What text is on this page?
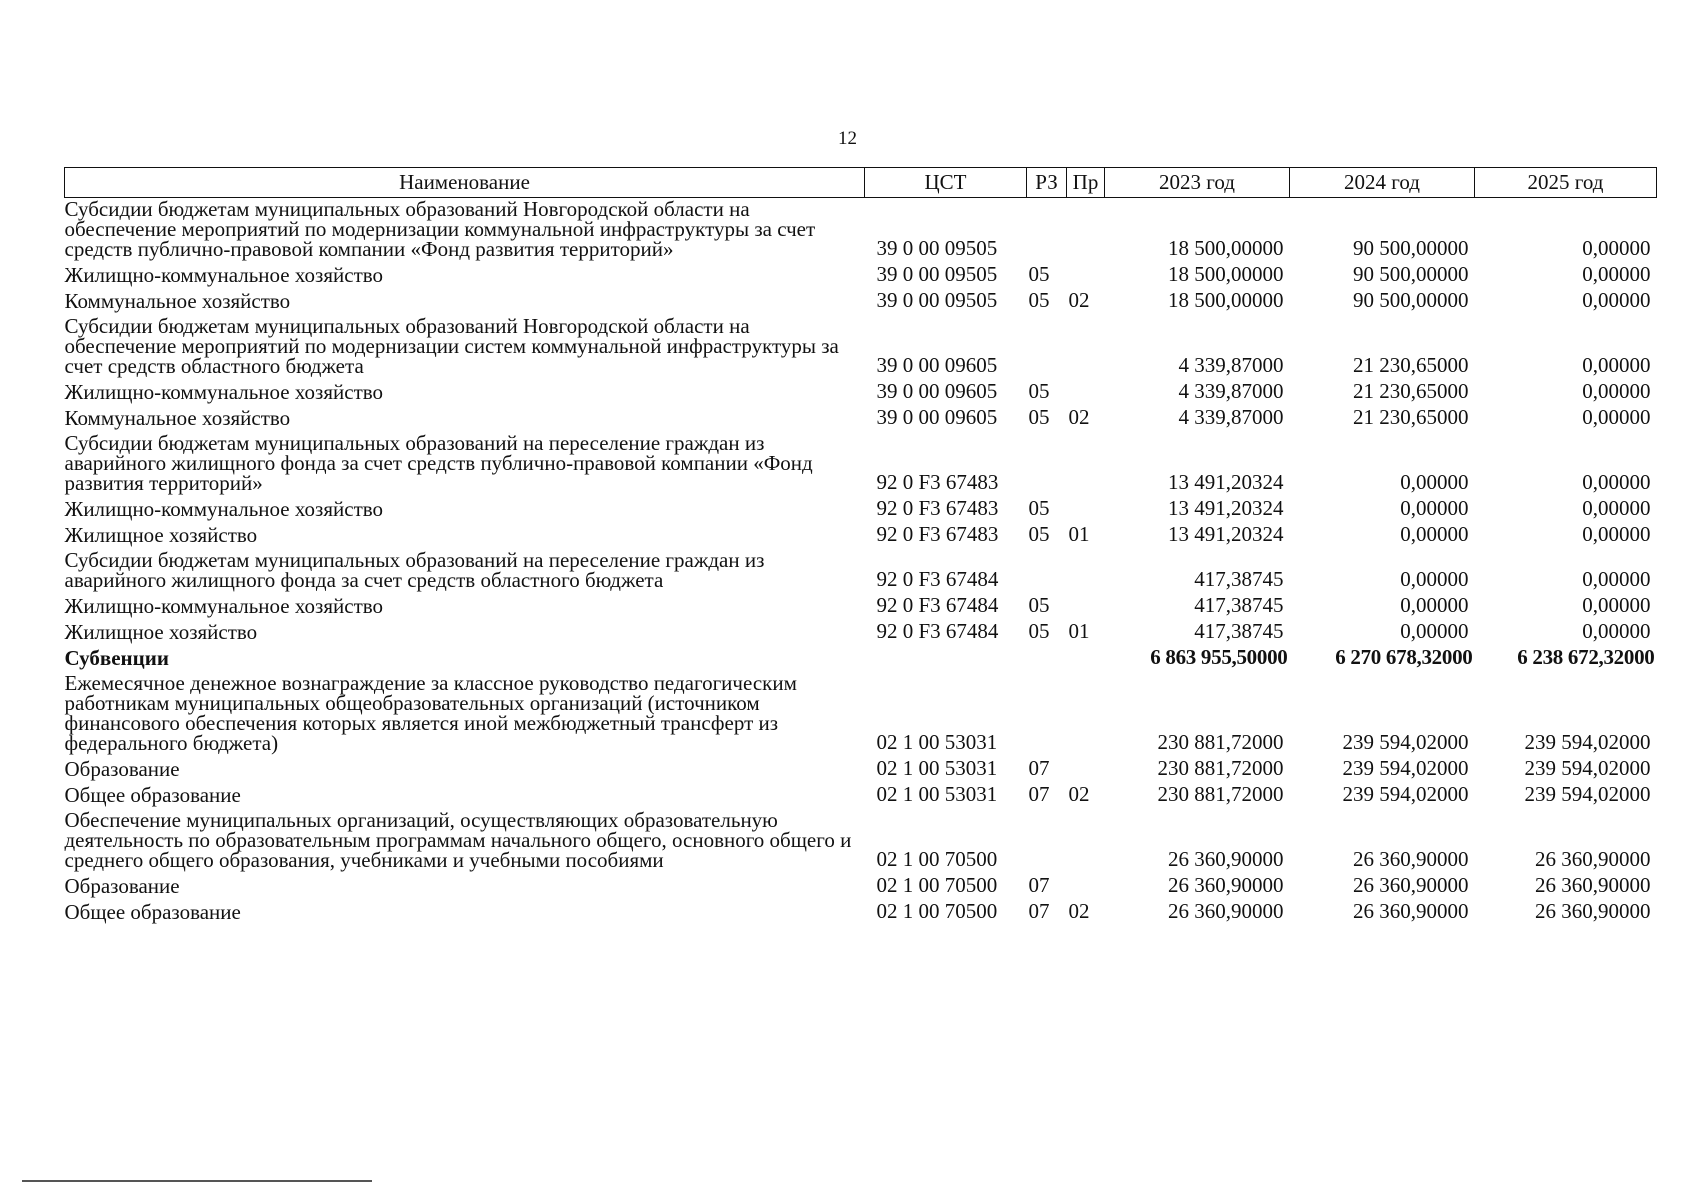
12
Наименование	ЦСТ	РЗ	Пр	2023 год	2024 год	2025 год
Субсидии бюджетам муниципальных образований Новгородской области на обеспечение мероприятий по модернизации коммунальной инфраструктуры за счет средств публично-правовой компании «Фонд развития территорий»	39 0 00 09505			18 500,00000	90 500,00000	0,00000
Жилищно-коммунальное хозяйство	39 0 00 09505	05		18 500,00000	90 500,00000	0,00000
Коммунальное хозяйство	39 0 00 09505	05	02	18 500,00000	90 500,00000	0,00000
Субсидии бюджетам муниципальных образований Новгородской области на обеспечение мероприятий по модернизации систем коммунальной инфраструктуры за счет средств областного бюджета	39 0 00 09605			4 339,87000	21 230,65000	0,00000
Жилищно-коммунальное хозяйство	39 0 00 09605	05		4 339,87000	21 230,65000	0,00000
Коммунальное хозяйство	39 0 00 09605	05	02	4 339,87000	21 230,65000	0,00000
Субсидии бюджетам муниципальных образований на переселение граждан из аварийного жилищного фонда за счет средств публично-правовой компании «Фонд развития территорий»	92 0 F3 67483			13 491,20324	0,00000	0,00000
Жилищно-коммунальное хозяйство	92 0 F3 67483	05		13 491,20324	0,00000	0,00000
Жилищное хозяйство	92 0 F3 67483	05	01	13 491,20324	0,00000	0,00000
Субсидии бюджетам муниципальных образований на переселение граждан из аварийного жилищного фонда за счет средств областного бюджета	92 0 F3 67484			417,38745	0,00000	0,00000
Жилищно-коммунальное хозяйство	92 0 F3 67484	05		417,38745	0,00000	0,00000
Жилищное хозяйство	92 0 F3 67484	05	01	417,38745	0,00000	0,00000
Субвенции				6 863 955,50000	6 270 678,32000	6 238 672,32000
Ежемесячное денежное вознаграждение за классное руководство педагогическим работникам муниципальных общеобразовательных организаций (источником финансового обеспечения которых является иной межбюджетный трансферт из федерального бюджета)	02 1 00 53031			230 881,72000	239 594,02000	239 594,02000
Образование	02 1 00 53031	07		230 881,72000	239 594,02000	239 594,02000
Общее образование	02 1 00 53031	07	02	230 881,72000	239 594,02000	239 594,02000
Обеспечение муниципальных организаций, осуществляющих образовательную деятельность по образовательным программам начального общего, основного общего и среднего общего образования, учебниками и учебными пособиями	02 1 00 70500			26 360,90000	26 360,90000	26 360,90000
Образование	02 1 00 70500	07		26 360,90000	26 360,90000	26 360,90000
Общее образование	02 1 00 70500	07	02	26 360,90000	26 360,90000	26 360,90000
